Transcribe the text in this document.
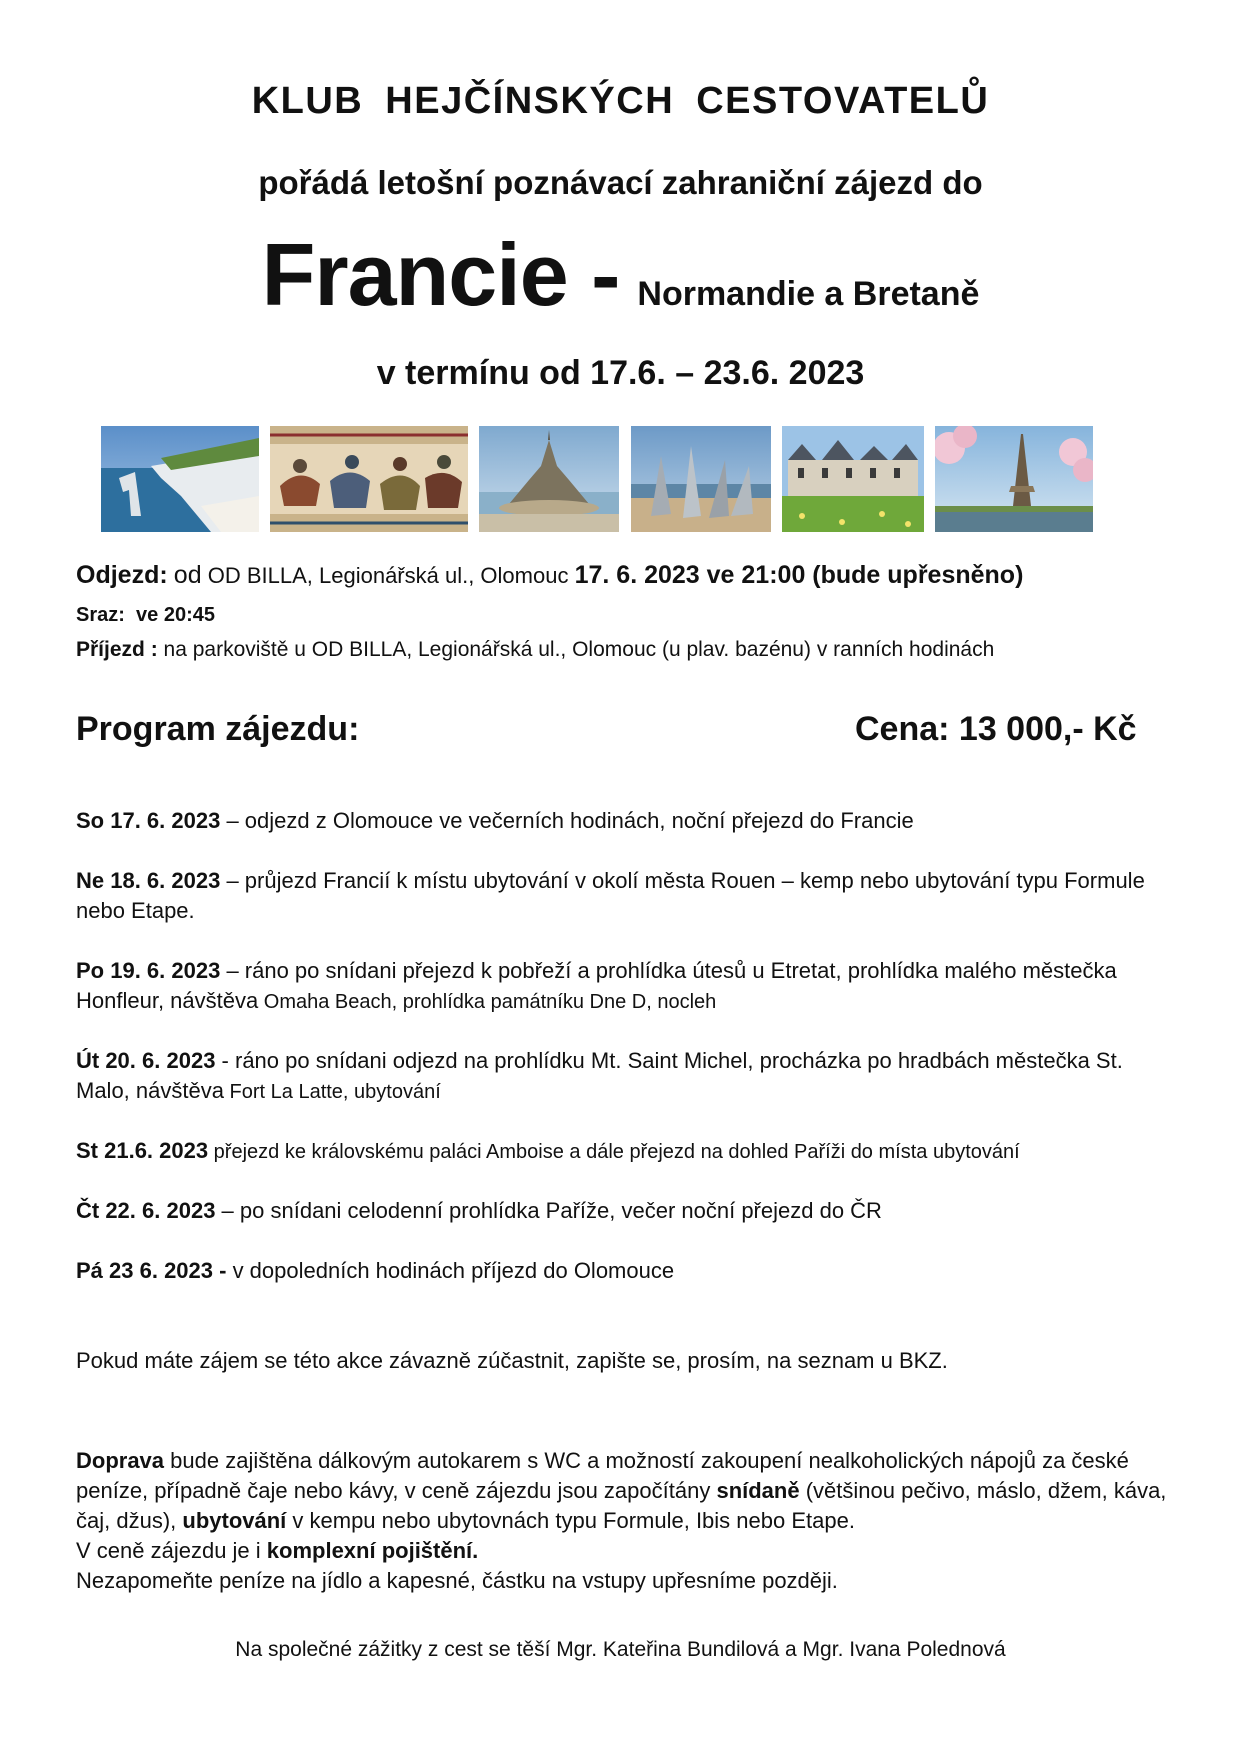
KLUB HEJČÍNSKÝCH CESTOVATELŮ
pořádá letošní poznávací zahraniční zájezd do
Francie - Normandie a Bretaně
v termínu od 17.6. – 23.6. 2023
Odjezd: od OD BILLA, Legionářská ul., Olomouc 17. 6. 2023 ve 21:00 (bude upřesněno)
Sraz: ve 20:45
Příjezd : na parkoviště u OD BILLA, Legionářská ul., Olomouc (u plav. bazénu) v ranních hodinách
Program zájezdu:	Cena: 13 000,- Kč
So 17. 6. 2023 – odjezd z Olomouce ve večerních hodinách, noční přejezd do Francie
Ne 18. 6. 2023 – průjezd Francií k místu ubytování v okolí města Rouen – kemp nebo ubytování typu Formule nebo Etape.
Po 19. 6. 2023 – ráno po snídani přejezd k pobřeží a prohlídka útesů u Etretat, prohlídka malého městečka Honfleur, návštěva Omaha Beach, prohlídka památníku Dne D, nocleh
Út 20. 6. 2023 - ráno po snídani odjezd na prohlídku Mt. Saint Michel, procházka po hradbách městečka St. Malo, návštěva Fort La Latte, ubytování
St 21.6. 2023 přejezd ke královskému paláci Amboise a dále přejezd na dohled Paříži do místa ubytování
Čt 22. 6. 2023 – po snídani celodenní prohlídka Paříže, večer noční přejezd do ČR
Pá 23 6. 2023 - v dopoledních hodinách příjezd do Olomouce
Pokud máte zájem se této akce závazně zúčastnit, zapište se, prosím, na seznam u BKZ.
Doprava bude zajištěna dálkovým autokarem s WC a možností zakoupení nealkoholických nápojů za české peníze, případně čaje nebo kávy, v ceně zájezdu jsou započítány snídaně (většinou pečivo, máslo, džem, káva, čaj, džus), ubytování v kempu nebo ubytovnách typu Formule, Ibis nebo Etape.
V ceně zájezdu je i komplexní pojištění.
Nezapomeňte peníze na jídlo a kapesné, částku na vstupy upřesníme později.
Na společné zážitky z cest se těší Mgr. Kateřina Bundilová a Mgr. Ivana Polednová
